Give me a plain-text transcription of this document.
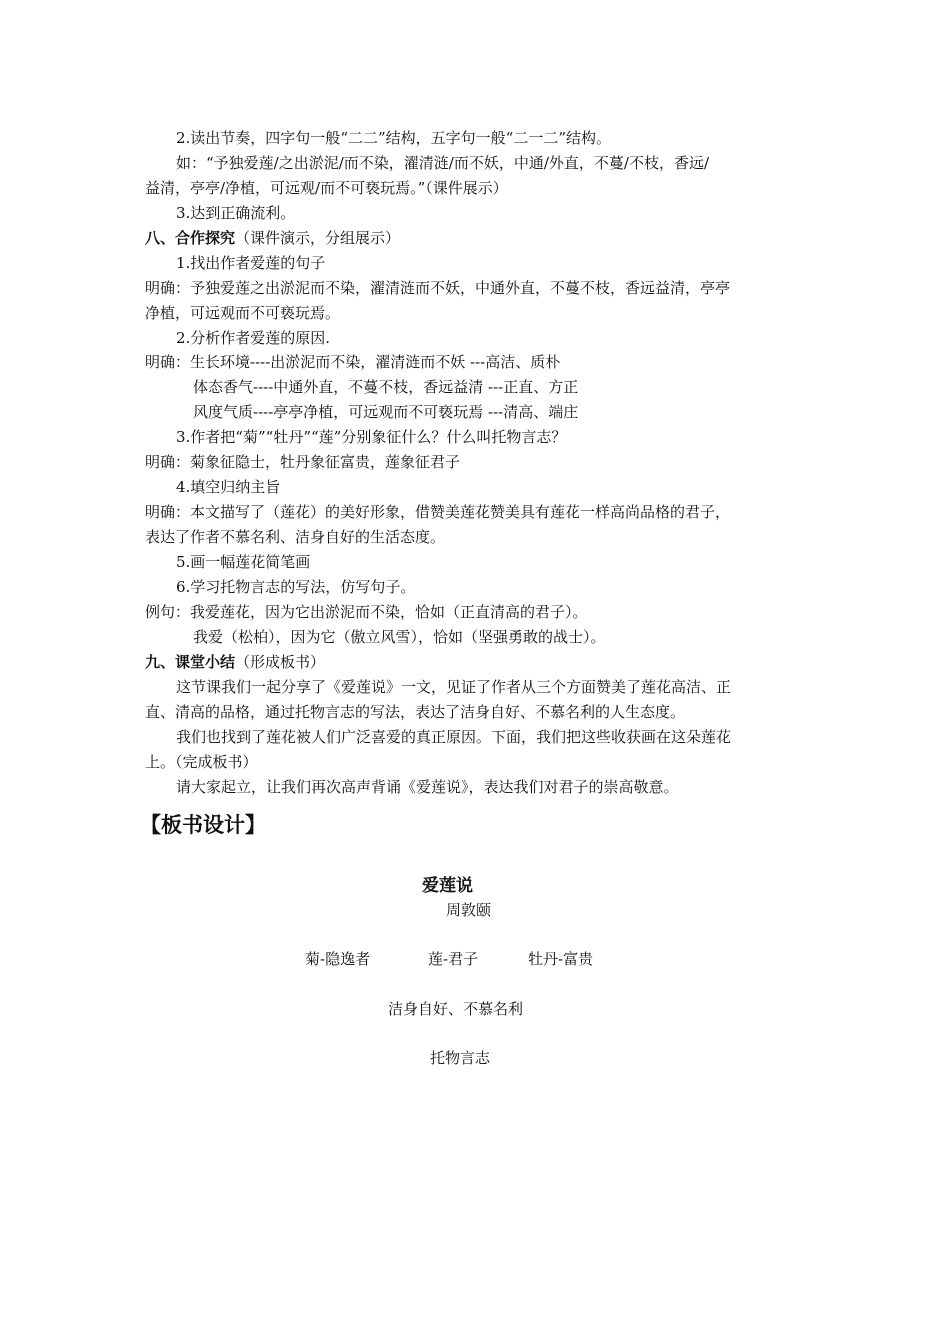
2.读出节奏，四字句一般“二二”结构，五字句一般“二一二”结构。
如：“予独爱莲/之出淤泥/而不染，濯清涟/而不妖，中通/外直，不蔓/不枝，香远/
益清，亭亭/净植，可远观/而不可亵玩焉。”（课件展示）
3.达到正确流利。
八、合作探究（课件演示，分组展示）
1.找出作者爱莲的句子
明确：予独爱莲之出淤泥而不染，濯清涟而不妖，中通外直，不蔓不枝，香远益清，亭亭
净植，可远观而不可亵玩焉。
2.分析作者爱莲的原因.
明确：生长环境----出淤泥而不染，濯清涟而不妖 ---高洁、质朴
体态香气----中通外直，不蔓不枝，香远益清 ---正直、方正
风度气质----亭亭净植，可远观而不可亵玩焉 ---清高、端庄
3.作者把“菊”“牡丹”“莲”分别象征什么？什么叫托物言志？
明确：菊象征隐士，牡丹象征富贵，莲象征君子
4.填空归纳主旨
明确：本文描写了（莲花）的美好形象，借赞美莲花赞美具有莲花一样高尚品格的君子，
表达了作者不慕名利、洁身自好的生活态度。
5.画一幅莲花简笔画
6.学习托物言志的写法，仿写句子。
例句：我爱莲花，因为它出淤泥而不染，恰如（正直清高的君子）。
我爱（松柏），因为它（傲立风雪），恰如（坚强勇敢的战士）。
九、课堂小结（形成板书）
这节课我们一起分享了《爱莲说》一文，见证了作者从三个方面赞美了莲花高洁、正
直、清高的品格，通过托物言志的写法，表达了洁身自好、不慕名利的人生态度。
我们也找到了莲花被人们广泛喜爱的真正原因。下面，我们把这些收获画在这朵莲花
上。（完成板书）
请大家起立，让我们再次高声背诵《爱莲说》，表达我们对君子的崇高敬意。
【板书设计】
爱莲说
周敦颐
菊-隐逸者	莲-君子	牡丹-富贵
洁身自好、不慕名利
托物言志
